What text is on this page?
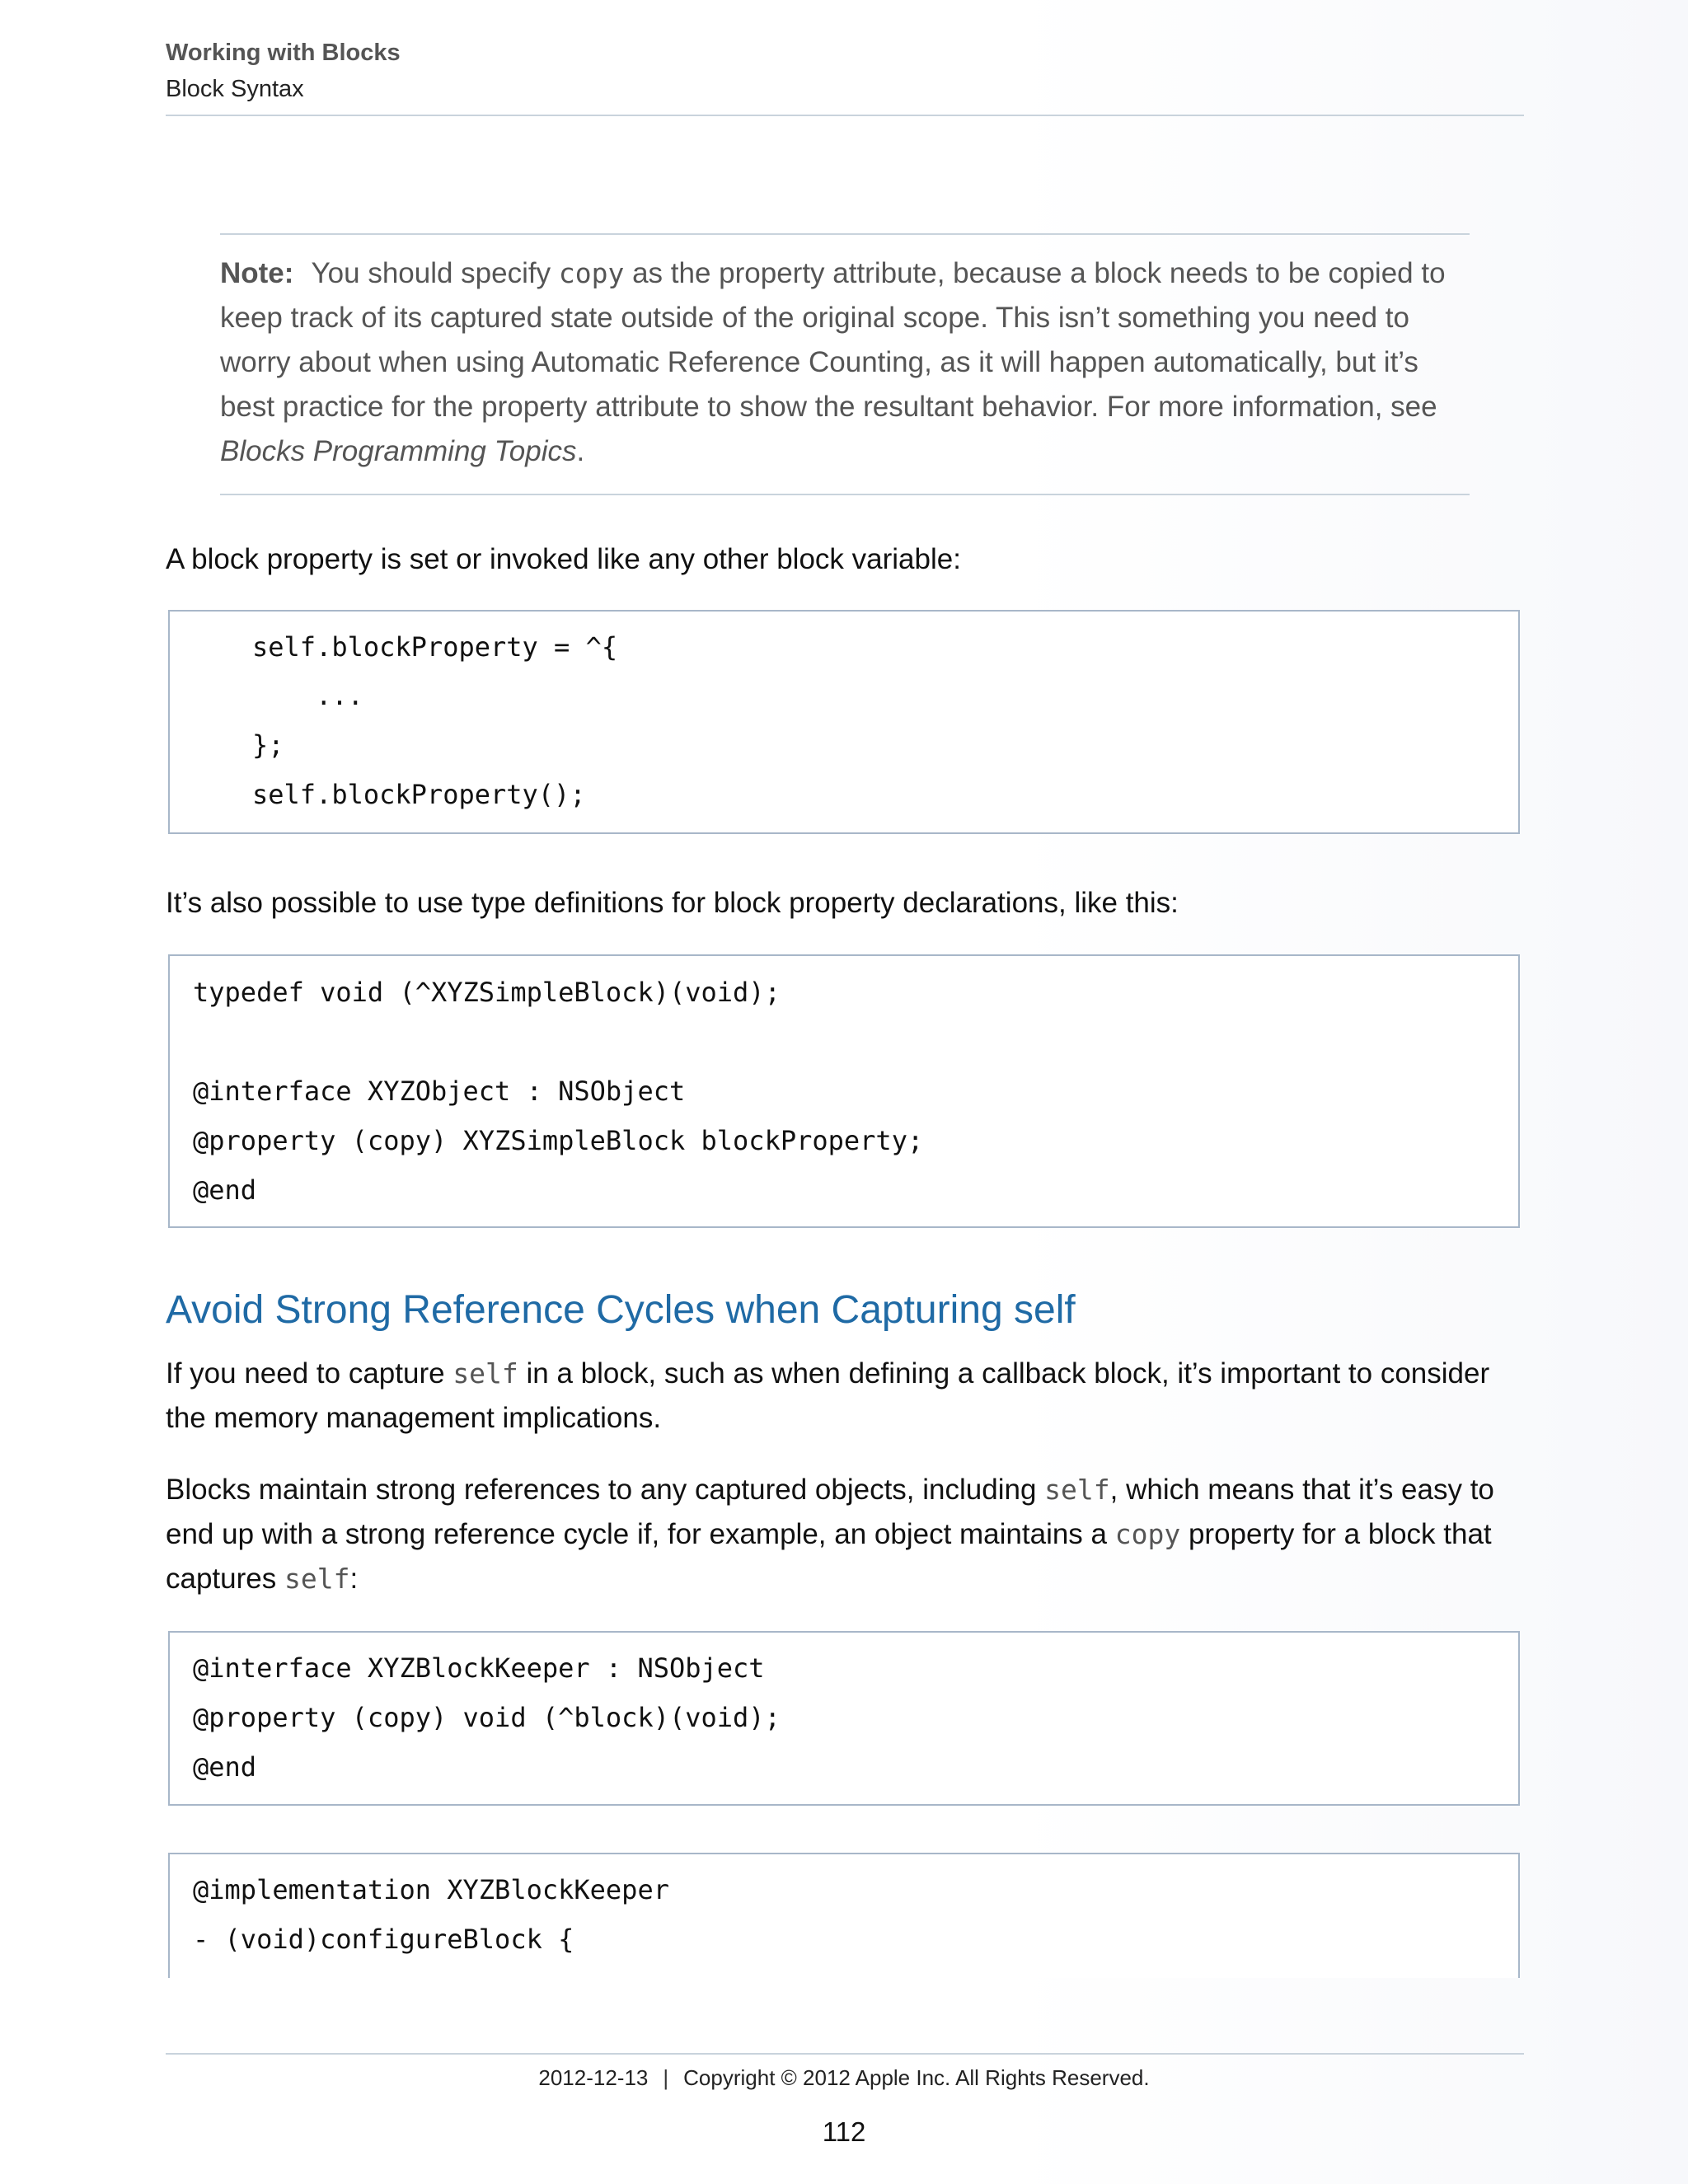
Working with Blocks
Block Syntax
Note: You should specify copy as the property attribute, because a block needs to be copied to keep track of its captured state outside of the original scope. This isn’t something you need to worry about when using Automatic Reference Counting, as it will happen automatically, but it’s best practice for the property attribute to show the resultant behavior. For more information, see Blocks Programming Topics.
A block property is set or invoked like any other block variable:
self.blockProperty = ^{
...
};
self.blockProperty();
It’s also possible to use type definitions for block property declarations, like this:
typedef void (^XYZSimpleBlock)(void);
@interface XYZObject : NSObject
@property (copy) XYZSimpleBlock blockProperty;
@end
Avoid Strong Reference Cycles when Capturing self
If you need to capture self in a block, such as when defining a callback block, it’s important to consider the memory management implications.
Blocks maintain strong references to any captured objects, including self, which means that it’s easy to end up with a strong reference cycle if, for example, an object maintains a copy property for a block that captures self:
@interface XYZBlockKeeper : NSObject
@property (copy) void (^block)(void);
@end
@implementation XYZBlockKeeper
- (void)configureBlock {
2012-12-13 | Copyright © 2012 Apple Inc. All Rights Reserved.
112
